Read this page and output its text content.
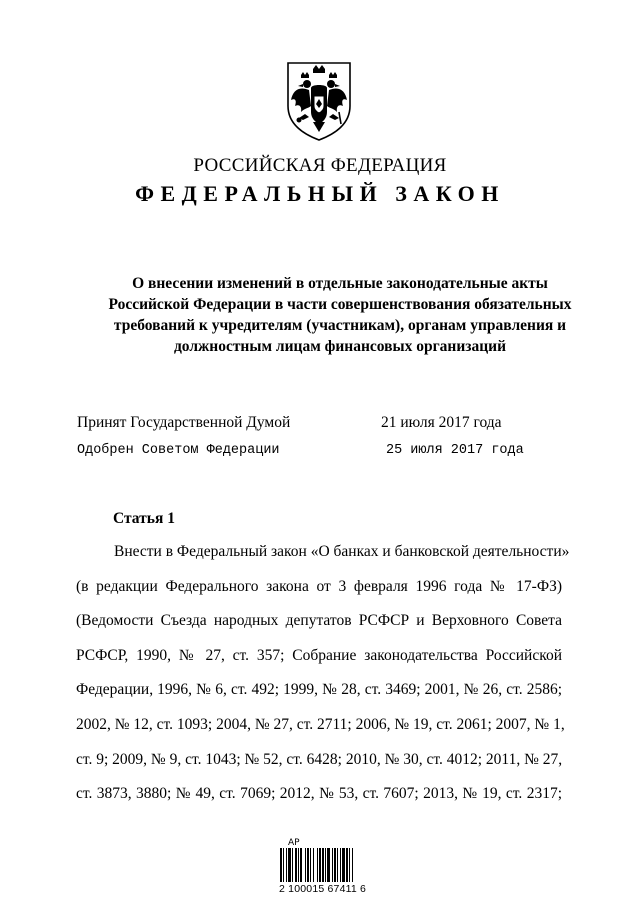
РОССИЙСКАЯ ФЕДЕРАЦИЯ
ФЕДЕРАЛЬНЫЙ ЗАКОН
О внесении изменений в отдельные законодательные акты
Российской Федерации в части совершенствования обязательных
требований к учредителям (участникам), органам управления и
должностным лицам финансовых организаций
Принят Государственной Думой	21 июля 2017 года
Одобрен Советом Федерации	25 июля 2017 года
Статья 1
Внести в Федеральный закон «О банках и банковской деятельности»
(в редакции Федерального закона от 3 февраля 1996 года № 17-ФЗ)
(Ведомости Съезда народных депутатов РСФСР и Верховного Совета
РСФСР, 1990, № 27, ст. 357; Собрание законодательства Российской
Федерации, 1996, № 6, ст. 492; 1999, № 28, ст. 3469; 2001, № 26, ст. 2586;
2002, № 12, ст. 1093; 2004, № 27, ст. 2711; 2006, № 19, ст. 2061; 2007, № 1,
ст. 9; 2009, № 9, ст. 1043; № 52, ст. 6428; 2010, № 30, ст. 4012; 2011, № 27,
ст. 3873, 3880; № 49, ст. 7069; 2012, № 53, ст. 7607; 2013, № 19, ст. 2317;
АР
2 100015 67411 6
